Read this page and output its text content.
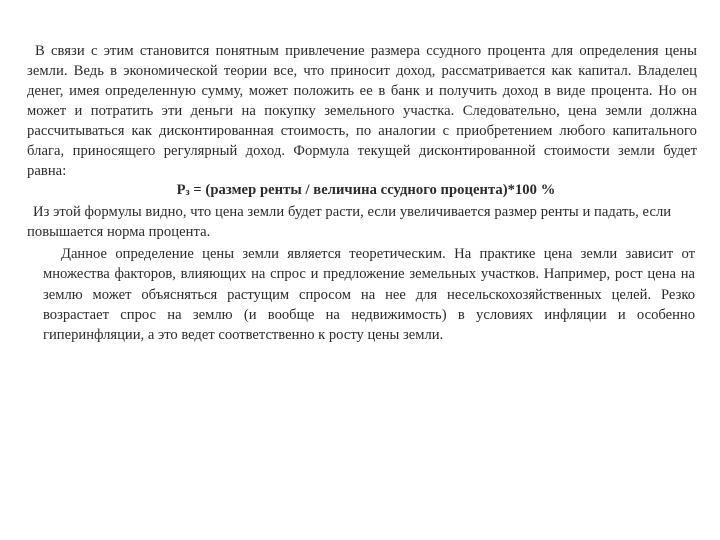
В связи с этим становится понятным привлечение размера ссудного процента для определения цены земли. Ведь в экономической теории все, что приносит доход, рассматривается как капитал. Владелец денег, имея определенную сумму, может положить ее в банк и получить доход в виде процента. Но он может и потратить эти деньги на покупку земельного участка. Следовательно, цена земли должна рассчитываться как дисконтированная стоимость, по аналогии с приобретением любого капитального блага, приносящего регулярный доход. Формула текущей дисконтированной стоимости земли будет равна:

$P_з$ = (размер ренты / величина ссудного процента)*100 %

Из этой формулы видно, что цена земли будет расти, если увеличивается размер ренты и падать, если повышается норма процента.

Данное определение цены земли является теоретическим. На практике цена земли зависит от множества факторов, влияющих на спрос и предложение земельных участков. Например, рост цена на землю может объясняться растущим спросом на нее для несельскохозяйственных целей. Резко возрастает спрос на землю (и вообще на недвижимость) в условиях инфляции и особенно гиперинфляции, а это ведет соответственно к росту цены земли.
